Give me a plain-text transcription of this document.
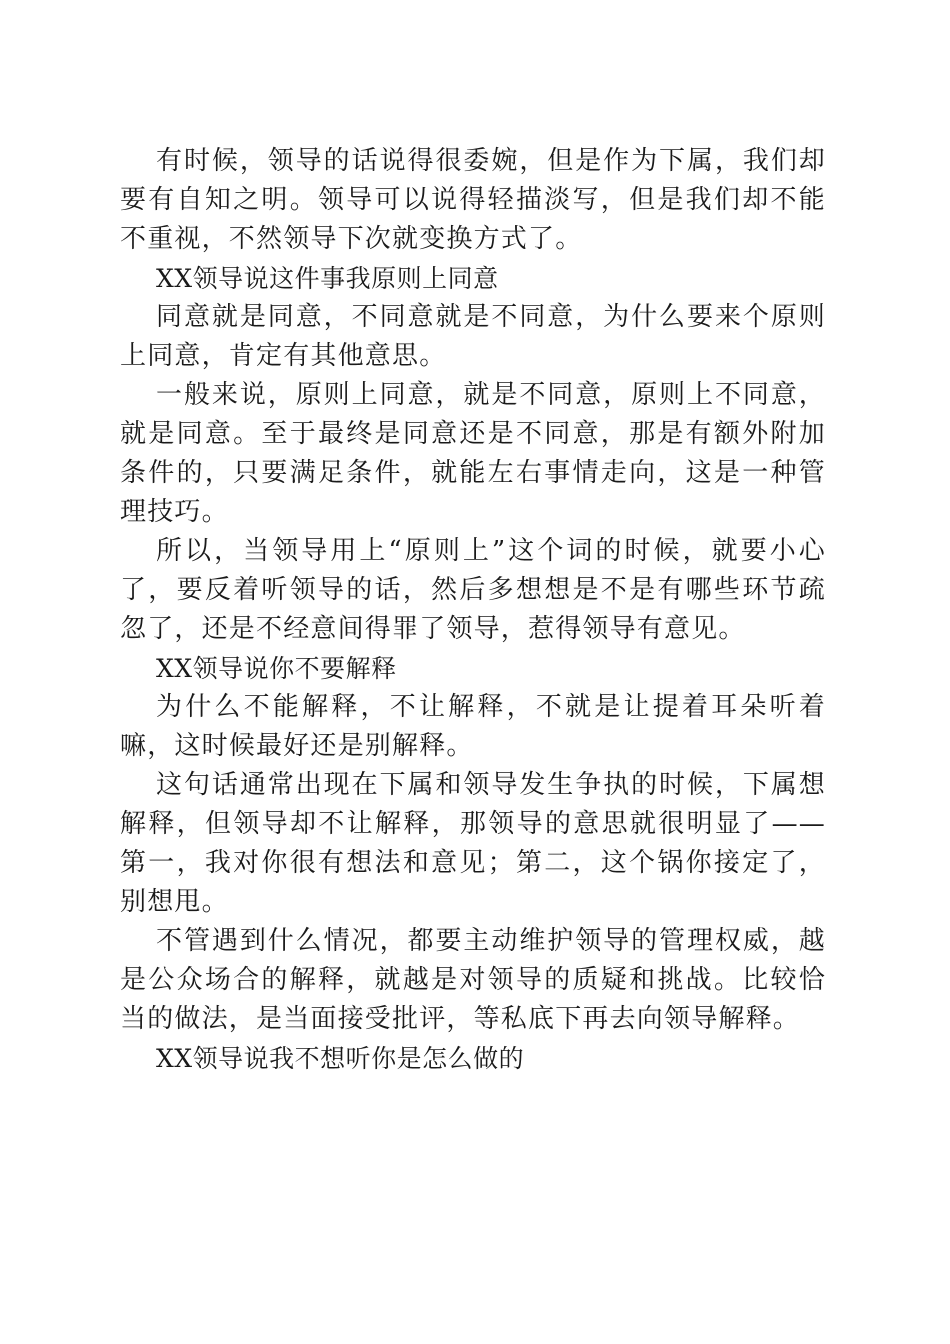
有时候，领导的话说得很委婉，但是作为下属，我们却要有自知之明。领导可以说得轻描淡写，但是我们却不能不重视，不然领导下次就变换方式了。

XX领导说这件事我原则上同意

同意就是同意，不同意就是不同意，为什么要来个原则上同意，肯定有其他意思。

一般来说，原则上同意，就是不同意，原则上不同意，就是同意。至于最终是同意还是不同意，那是有额外附加条件的，只要满足条件，就能左右事情走向，这是一种管理技巧。

所以，当领导用上“原则上”这个词的时候，就要小心了，要反着听领导的话，然后多想想是不是有哪些环节疏忽了，还是不经意间得罪了领导，惹得领导有意见。

XX领导说你不要解释

为什么不能解释，不让解释，不就是让提着耳朵听着嘛，这时候最好还是别解释。

这句话通常出现在下属和领导发生争执的时候，下属想解释，但领导却不让解释，那领导的意思就很明显了——第一，我对你很有想法和意见；第二，这个锅你接定了，别想甩。

不管遇到什么情况，都要主动维护领导的管理权威，越是公众场合的解释，就越是对领导的质疑和挑战。比较恰当的做法，是当面接受批评，等私底下再去向领导解释。

XX领导说我不想听你是怎么做的
